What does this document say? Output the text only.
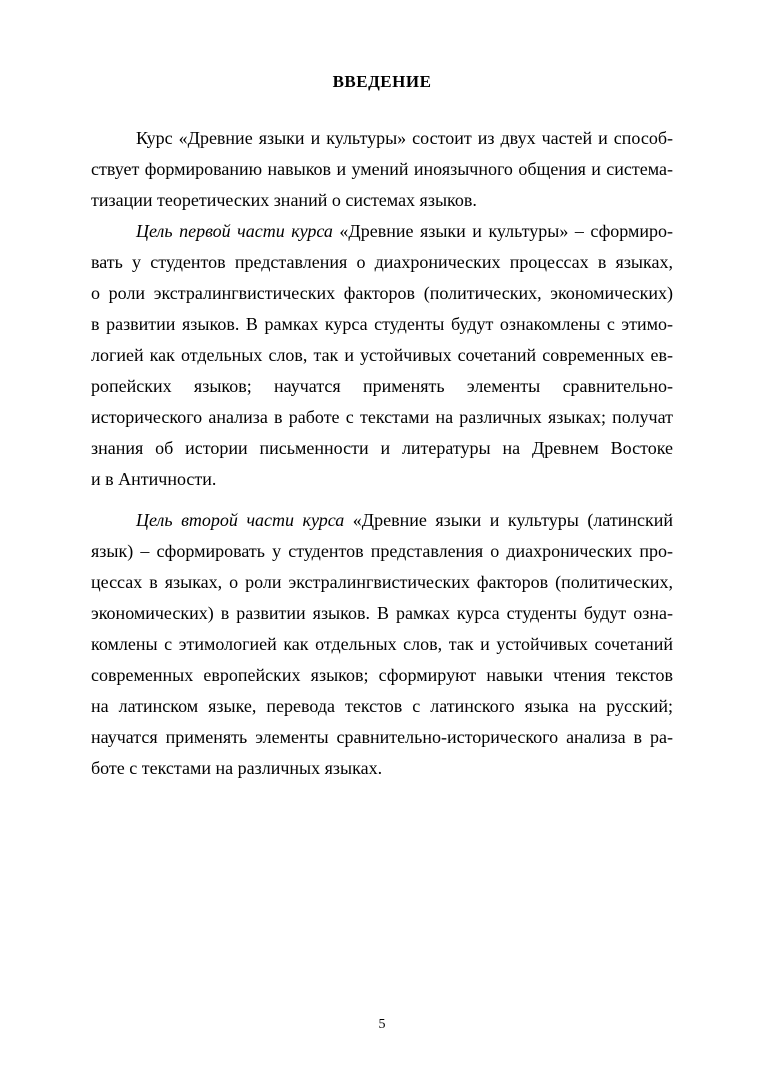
ВВЕДЕНИЕ
Курс «Древние языки и культуры» состоит из двух частей и способ-
ствует формированию навыков и умений иноязычного общения и система-
тизации теоретических знаний о системах языков.
Цель первой части курса «Древние языки и культуры» – сформиро-
вать у студентов представления о диахронических процессах в языках,
о роли экстралингвистических факторов (политических, экономических)
в развитии языков. В рамках курса студенты будут ознакомлены с этимо-
логией как отдельных слов, так и устойчивых сочетаний современных ев-
ропейских языков; научатся применять элементы сравнительно-
исторического анализа в работе с текстами на различных языках; получат
знания об истории письменности и литературы на Древнем Востоке
и в Античности.
Цель второй части курса «Древние языки и культуры (латинский
язык) – сформировать у студентов представления о диахронических про-
цессах в языках, о роли экстралингвистических факторов (политических,
экономических) в развитии языков. В рамках курса студенты будут озна-
комлены с этимологией как отдельных слов, так и устойчивых сочетаний
современных европейских языков; сформируют навыки чтения текстов
на латинском языке, перевода текстов с латинского языка на русский;
научатся применять элементы сравнительно-исторического анализа в ра-
боте с текстами на различных языках.
5
